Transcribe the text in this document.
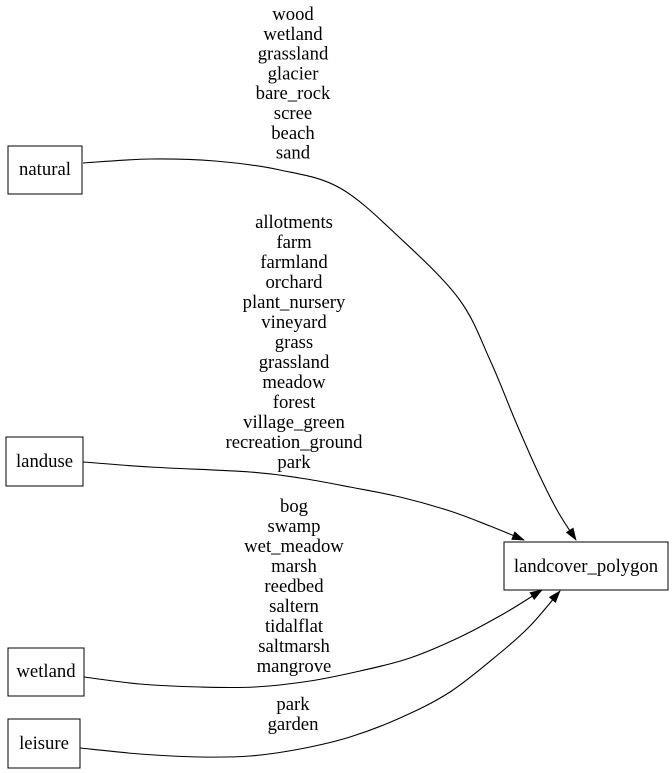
wood wetland grassland glacier bare_rock scree beach sand
allotments farm farmland orchard plant_nursery vineyard grass grassland meadow forest village_green recreation_ground park
bog swamp wet_meadow marsh reedbed saltern tidalflat saltmarsh mangrove
park garden
natural
landuse
wetland
leisure
landcover_polygon
